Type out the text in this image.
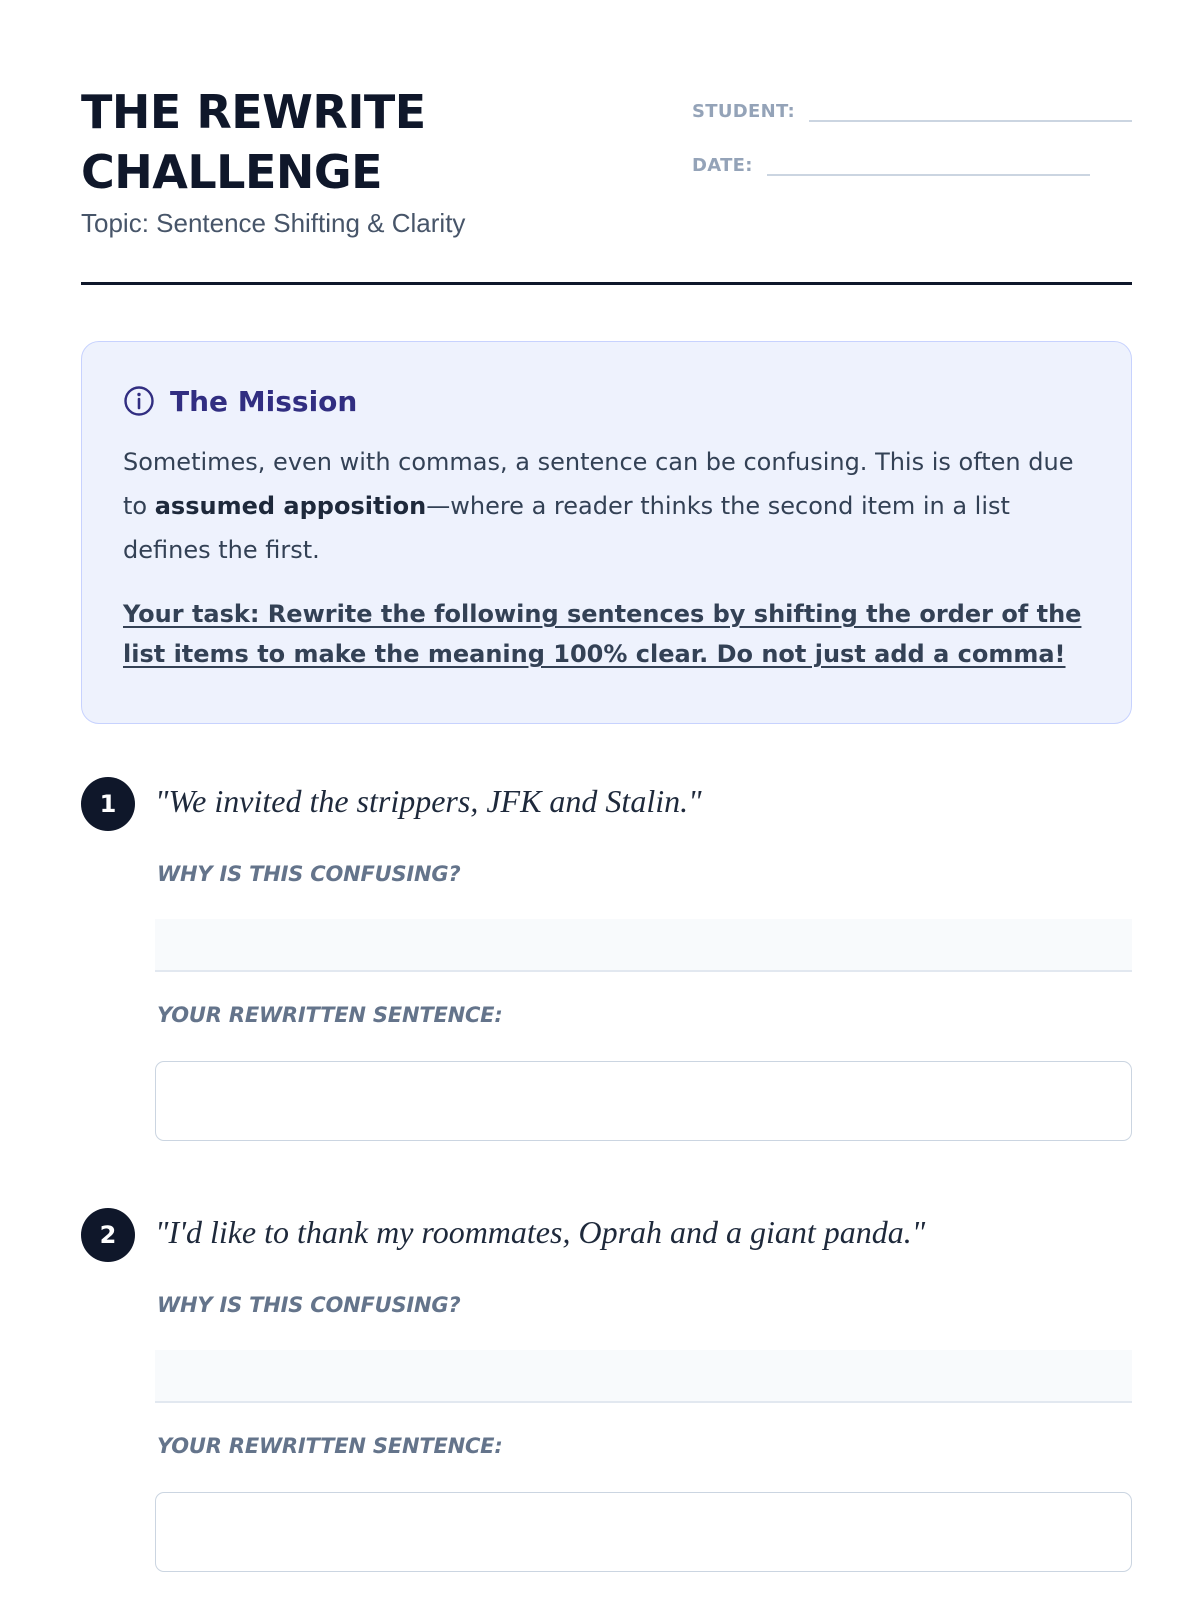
THE REWRITE
CHALLENGE
Topic: Sentence Shifting & Clarity
STUDENT:
DATE:
The Mission
Sometimes, even with commas, a sentence can be confusing. This is often due to assumed apposition—where a reader thinks the second item in a list defines the first.
Your task: Rewrite the following sentences by shifting the order of the list items to make the meaning 100% clear. Do not just add a comma!
1	"We invited the strippers, JFK and Stalin."
WHY IS THIS CONFUSING?
YOUR REWRITTEN SENTENCE:
2	"I'd like to thank my roommates, Oprah and a giant panda."
WHY IS THIS CONFUSING?
YOUR REWRITTEN SENTENCE:
